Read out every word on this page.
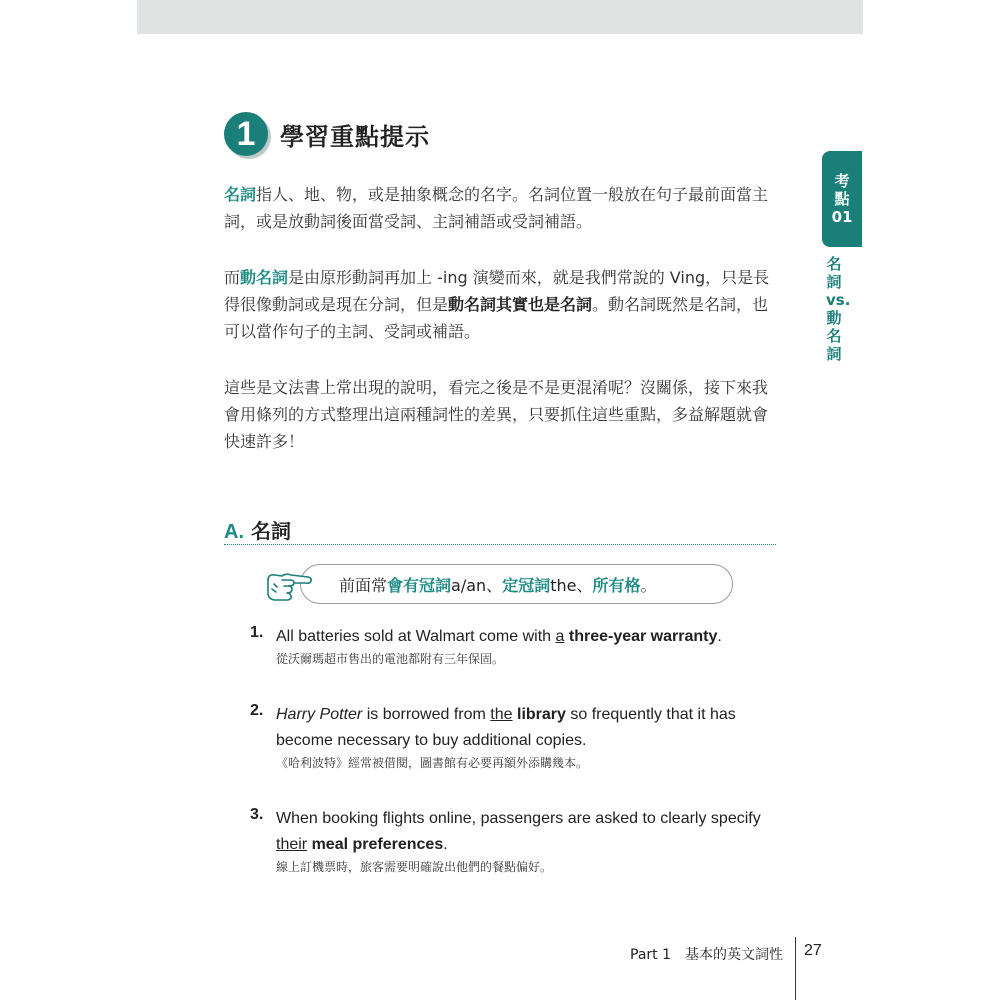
1	學習重點提示
考
點
01
名
詞
vs.
動
名
詞
名詞指人、地、物，或是抽象概念的名字。名詞位置一般放在句子最前面當主詞，或是放動詞後面當受詞、主詞補語或受詞補語。
而動名詞是由原形動詞再加上 -ing 演變而來，就是我們常說的 Ving，只是長得很像動詞或是現在分詞，但是動名詞其實也是名詞。動名詞既然是名詞，也可以當作句子的主詞、受詞或補語。
這些是文法書上常出現的說明，看完之後是不是更混淆呢？沒關係，接下來我會用條列的方式整理出這兩種詞性的差異，只要抓住這些重點，多益解題就會快速許多！
A. 名詞
前面常 會有冠詞 a/an、 定冠詞 the、 所有格 。
1. All batteries sold at Walmart come with a three-year warranty.
從沃爾瑪超市售出的電池都附有三年保固。
2. Harry Potter is borrowed from the library so frequently that it has become necessary to buy additional copies.
《哈利波特》經常被借閱，圖書館有必要再額外添購幾本。
3. When booking flights online, passengers are asked to clearly specify their meal preferences.
線上訂機票時，旅客需要明確說出他們的餐點偏好。
Part 1　基本的英文詞性 27
